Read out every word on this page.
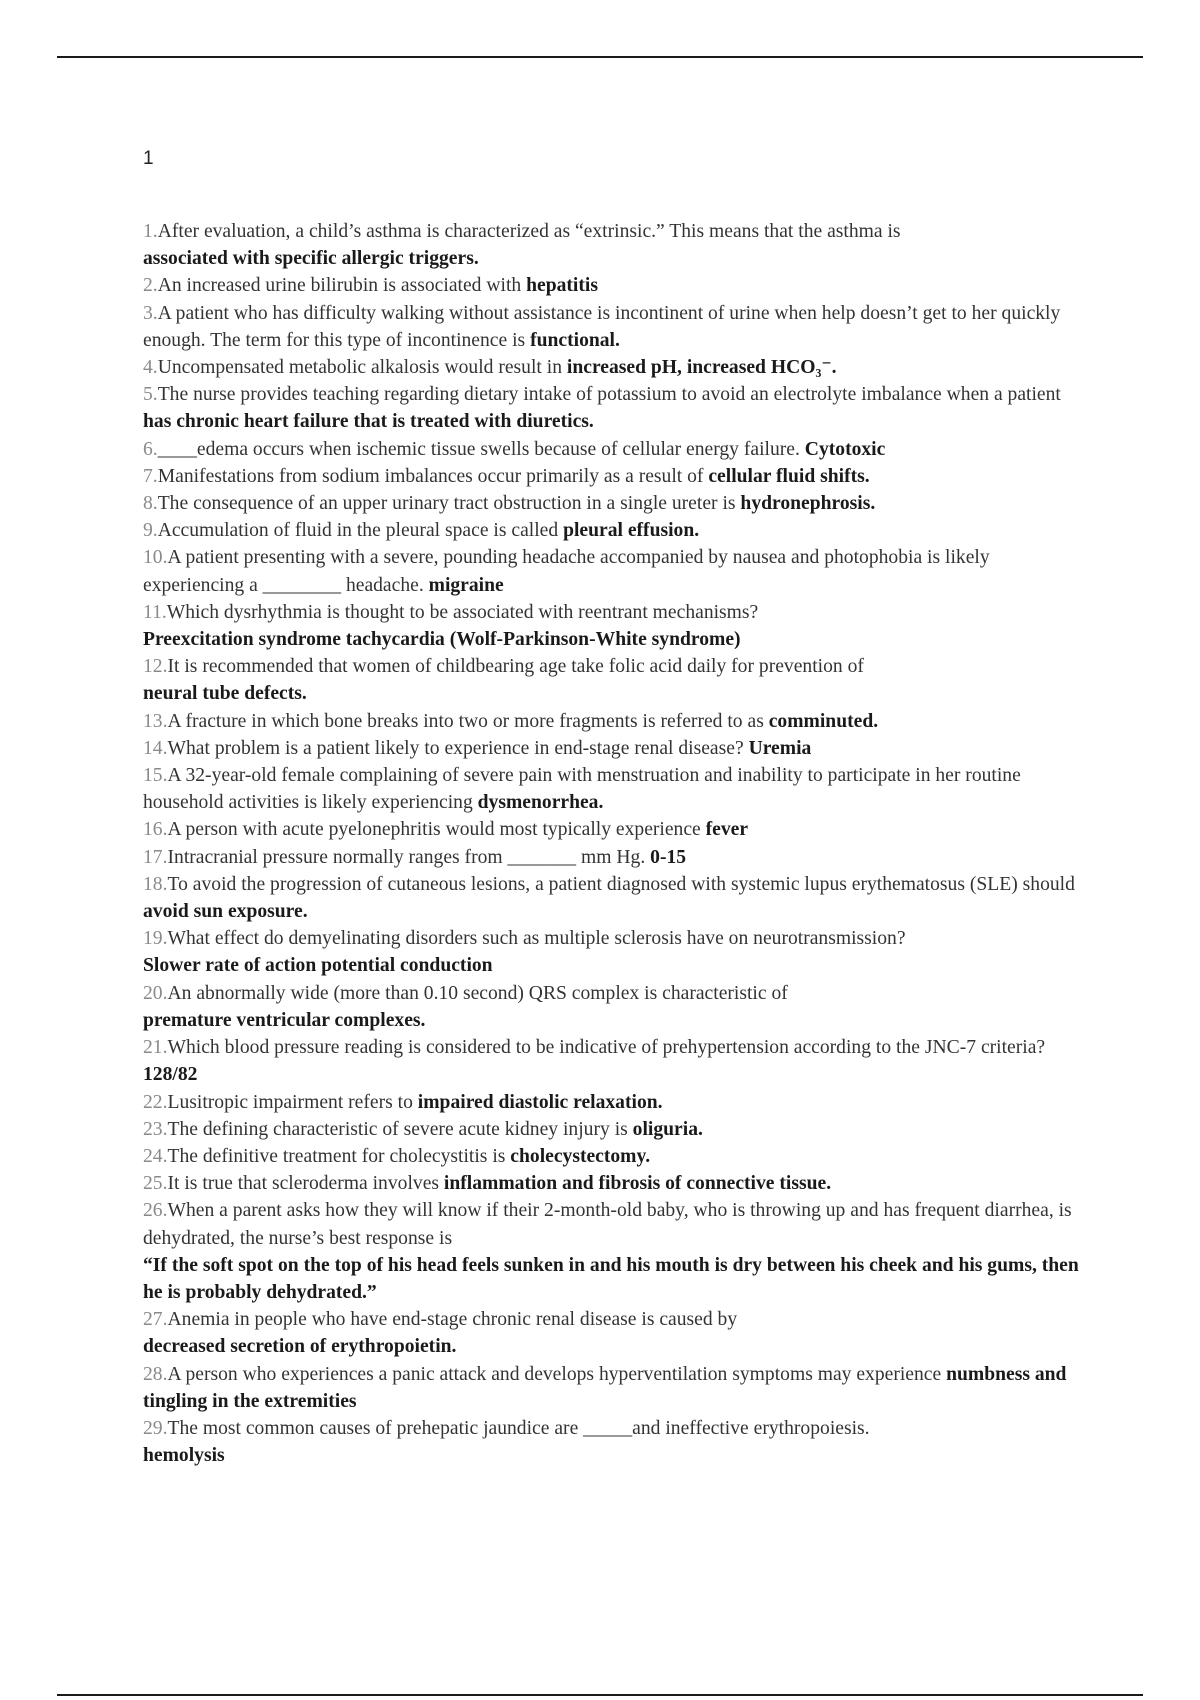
1

1.After evaluation, a child’s asthma is characterized as “extrinsic.” This means that the asthma is
associated with specific allergic triggers.

2.An increased urine bilirubin is associated with hepatitis

3.A patient who has difficulty walking without assistance is incontinent of urine when help doesn’t get to her quickly enough. The term for this type of incontinence is functional.

4.Uncompensated metabolic alkalosis would result in increased pH, increased HCO₃⁻.

5.The nurse provides teaching regarding dietary intake of potassium to avoid an electrolyte imbalance when a patient has chronic heart failure that is treated with diuretics.

6.____edema occurs when ischemic tissue swells because of cellular energy failure. Cytotoxic

7.Manifestations from sodium imbalances occur primarily as a result of cellular fluid shifts.

8.The consequence of an upper urinary tract obstruction in a single ureter is hydronephrosis.

9.Accumulation of fluid in the pleural space is called pleural effusion.

10.A patient presenting with a severe, pounding headache accompanied by nausea and photophobia is likely experiencing a ________ headache. migraine

11.Which dysrhythmia is thought to be associated with reentrant mechanisms?
Preexcitation syndrome tachycardia (Wolf-Parkinson-White syndrome)

12.It is recommended that women of childbearing age take folic acid daily for prevention of
neural tube defects.

13.A fracture in which bone breaks into two or more fragments is referred to as comminuted.

14.What problem is a patient likely to experience in end-stage renal disease? Uremia

15.A 32-year-old female complaining of severe pain with menstruation and inability to participate in her routine household activities is likely experiencing dysmenorrhea.

16.A person with acute pyelonephritis would most typically experience fever

17.Intracranial pressure normally ranges from _______ mm Hg. 0-15

18.To avoid the progression of cutaneous lesions, a patient diagnosed with systemic lupus erythematosus (SLE) should avoid sun exposure.

19.What effect do demyelinating disorders such as multiple sclerosis have on neurotransmission?
Slower rate of action potential conduction

20.An abnormally wide (more than 0.10 second) QRS complex is characteristic of
premature ventricular complexes.

21.Which blood pressure reading is considered to be indicative of prehypertension according to the JNC-7 criteria? 128/82

22.Lusitropic impairment refers to impaired diastolic relaxation.

23.The defining characteristic of severe acute kidney injury is oliguria.

24.The definitive treatment for cholecystitis is cholecystectomy.

25.It is true that scleroderma involves inflammation and fibrosis of connective tissue.

26.When a parent asks how they will know if their 2-month-old baby, who is throwing up and has frequent diarrhea, is dehydrated, the nurse’s best response is
“If the soft spot on the top of his head feels sunken in and his mouth is dry between his cheek and his gums, then he is probably dehydrated.”

27.Anemia in people who have end-stage chronic renal disease is caused by
decreased secretion of erythropoietin.

28.A person who experiences a panic attack and develops hyperventilation symptoms may experience numbness and tingling in the extremities

29.The most common causes of prehepatic jaundice are _____and ineffective erythropoiesis.
hemolysis
